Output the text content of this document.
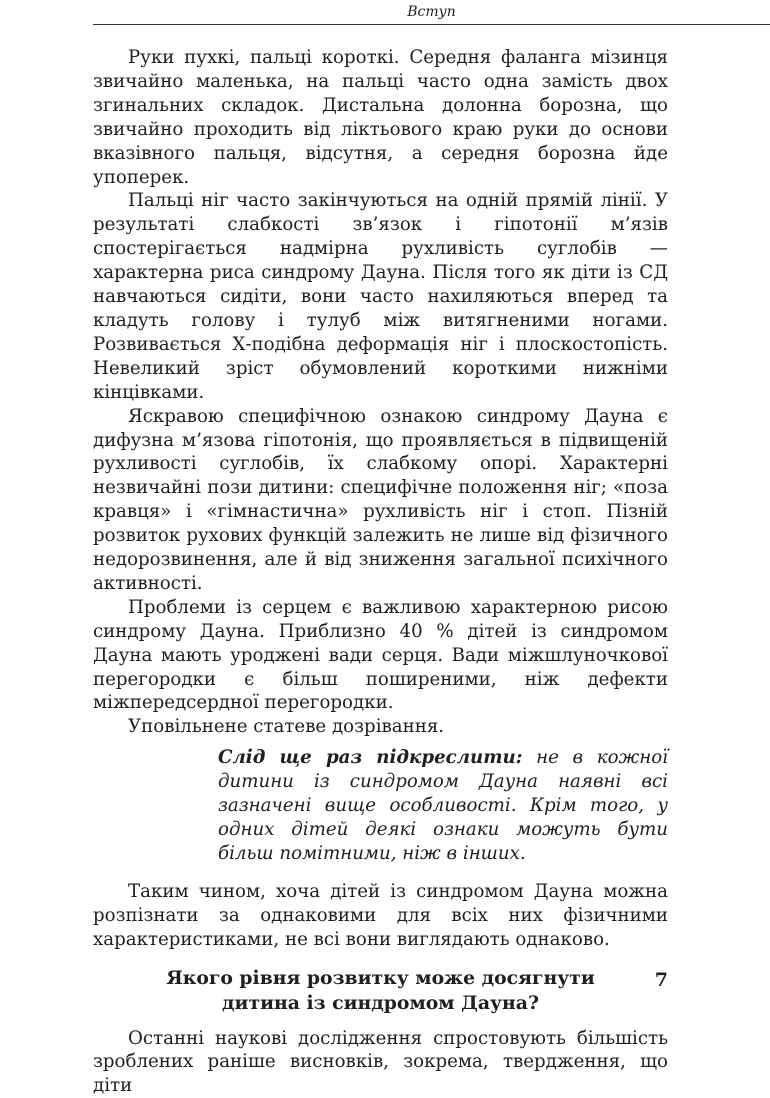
Вступ

Руки пухкі, пальці короткі. Середня фаланга мізинця звичайно маленька, на пальці часто одна замість двох згинальних складок. Дистальна долонна борозна, що звичайно проходить від ліктьового краю руки до основи вказівного пальця, відсутня, а середня борозна йде упоперек.

Пальці ніг часто закінчуються на одній прямій лінії. У результаті слабкості зв’язок і гіпотонії м’язів спостерігається надмірна рухливість суглобів — характерна риса синдрому Дауна. Після того як діти із СД навчаються сидіти, вони часто нахиляються вперед та кладуть голову і тулуб між витягненими ногами. Розвивається Х-подібна деформація ніг і плоскостопість. Невеликий зріст обумовлений короткими нижніми кінцівками.

Яскравою специфічною ознакою синдрому Дауна є дифузна м’язова гіпотонія, що проявляється в підвищеній рухливості суглобів, їх слабкому опорі. Характерні незвичайні пози дитини: специфічне положення ніг; «поза кравця» і «гімнастична» рухливість ніг і стоп. Пізній розвиток рухових функцій залежить не лише від фізичного недорозвинення, але й від зниження загальної психічного активності.

Проблеми із серцем є важливою характерною рисою синдрому Дауна. Приблизно 40 % дітей із синдромом Дауна мають уроджені вади серця. Вади міжшлуночкової перегородки є більш поширеними, ніж дефекти міжпередсердної перегородки.

Уповільнене статеве дозрівання.

Слід ще раз підкреслити: не в кожної дитини із синдромом Дауна наявні всі зазначені вище особливості. Крім того, у одних дітей деякі ознаки можуть бути більш помітними, ніж в інших.

Таким чином, хоча дітей із синдромом Дауна можна розпізнати за однаковими для всіх них фізичними характеристиками, не всі вони виглядають однаково.

Якого рівня розвитку може досягнути
дитина із синдромом Дауна?

Останні наукові дослідження спростовують більшість зроблених раніше висновків, зокрема, твердження, що діти

7
